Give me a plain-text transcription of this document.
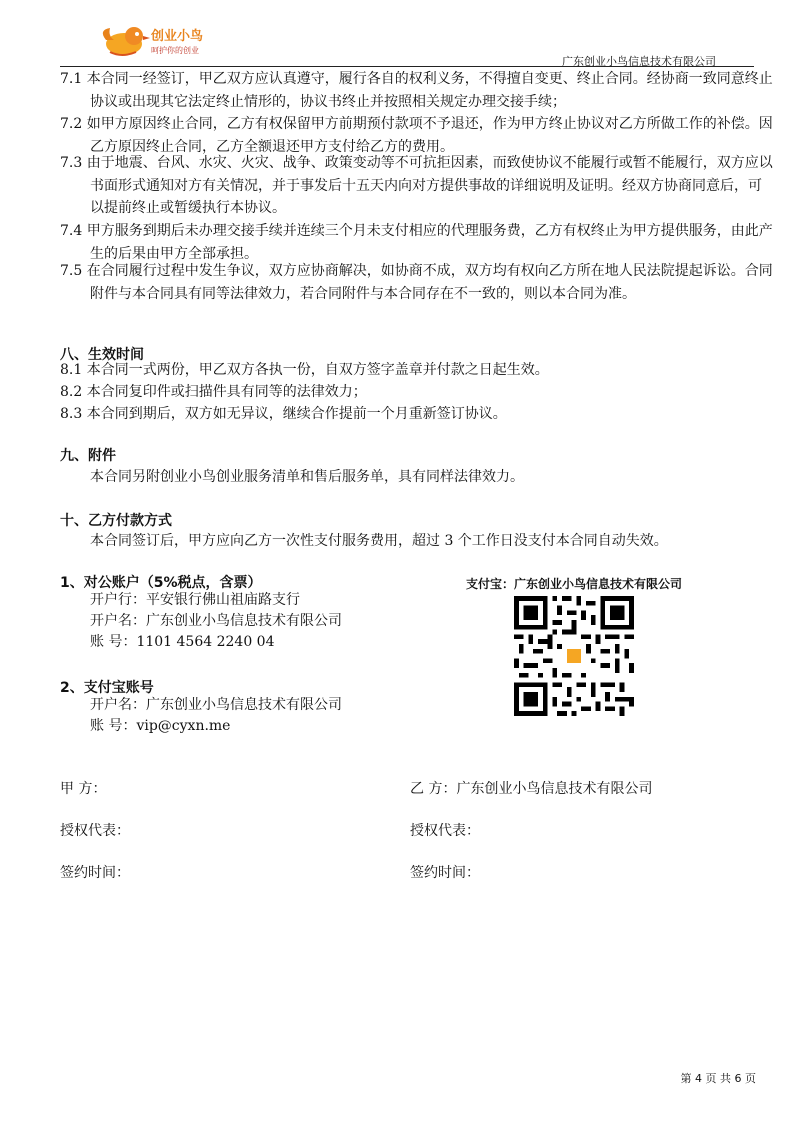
创业小鸟
呵护你的创业
广东创业小鸟信息技术有限公司
7.1 本合同一经签订，甲乙双方应认真遵守，履行各自的权利义务，不得擅自变更、终止合同。经协商一致同意终止协议或出现其它法定终止情形的，协议书终止并按照相关规定办理交接手续；
7.2 如甲方原因终止合同，乙方有权保留甲方前期预付款项不予退还，作为甲方终止协议对乙方所做工作的补偿。因乙方原因终止合同，乙方全额退还甲方支付给乙方的费用。
7.3 由于地震、台风、水灾、火灾、战争、政策变动等不可抗拒因素，而致使协议不能履行或暂不能履行，双方应以书面形式通知对方有关情况，并于事发后十五天内向对方提供事故的详细说明及证明。经双方协商同意后，可以提前终止或暂缓执行本协议。
7.4 甲方服务到期后未办理交接手续并连续三个月未支付相应的代理服务费，乙方有权终止为甲方提供服务，由此产生的后果由甲方全部承担。
7.5 在合同履行过程中发生争议，双方应协商解决，如协商不成，双方均有权向乙方所在地人民法院提起诉讼。合同附件与本合同具有同等法律效力，若合同附件与本合同存在不一致的，则以本合同为准。
八、生效时间
8.1 本合同一式两份，甲乙双方各执一份，自双方签字盖章并付款之日起生效。
8.2 本合同复印件或扫描件具有同等的法律效力；
8.3 本合同到期后，双方如无异议，继续合作提前一个月重新签订协议。
九、附件
本合同另附创业小鸟创业服务清单和售后服务单，具有同样法律效力。
十、乙方付款方式
本合同签订后，甲方应向乙方一次性支付服务费用，超过 3 个工作日没支付本合同自动失效。
1、对公账户（5%税点，含票）
开户行：平安银行佛山祖庙路支行
开户名：广东创业小鸟信息技术有限公司
账 号：1101 4564 2240 04
2、支付宝账号
开户名：广东创业小鸟信息技术有限公司
账 号：vip@cyxn.me
支付宝：广东创业小鸟信息技术有限公司
甲 方：	乙 方：广东创业小鸟信息技术有限公司
授权代表：	授权代表：
签约时间：	签约时间：
第 4 页 共 6 页
